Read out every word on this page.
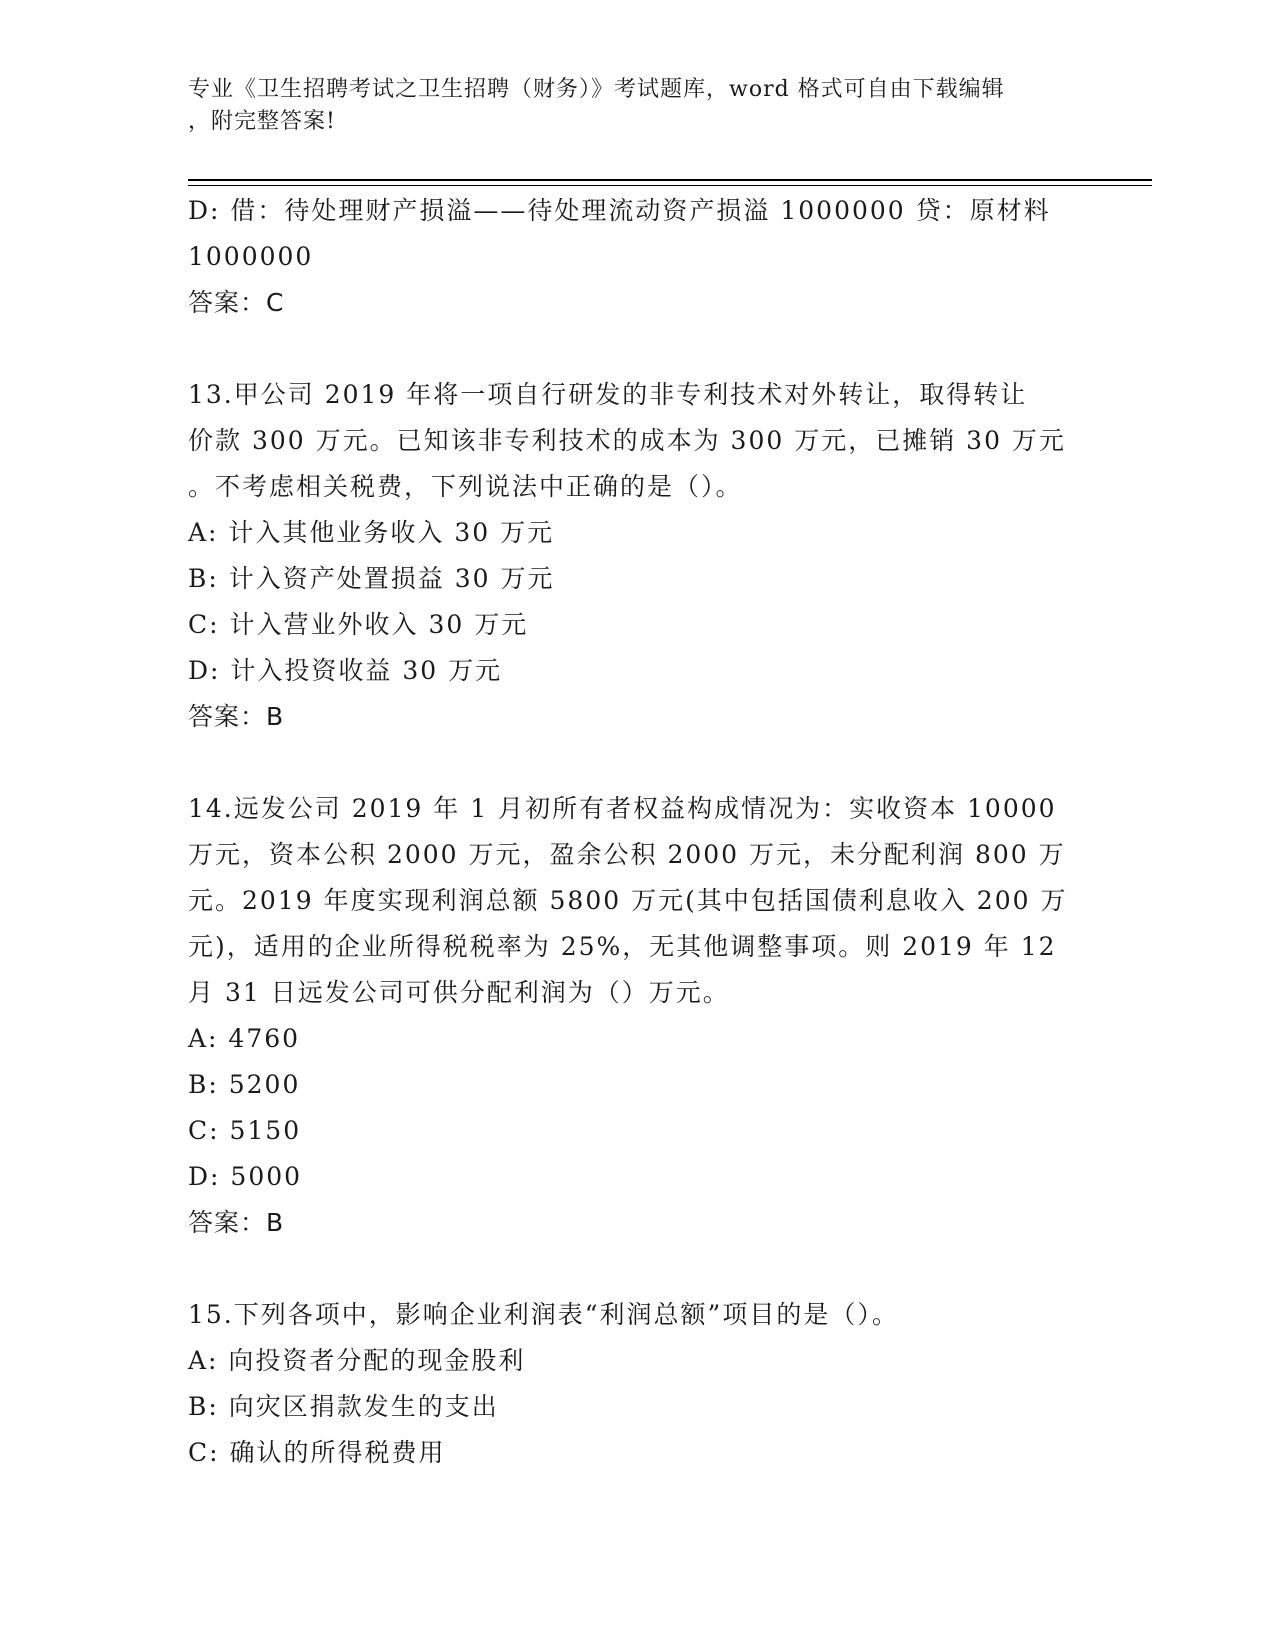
专业《卫生招聘考试之卫生招聘（财务）》考试题库，word 格式可自由下载编辑
，附完整答案!
D: 借：待处理财产损溢——待处理流动资产损溢 1000000 贷：原材料
1000000
答案：C
13.甲公司 2019 年将一项自行研发的非专利技术对外转让，取得转让
价款 300 万元。已知该非专利技术的成本为 300 万元，已摊销 30 万元
。不考虑相关税费，下列说法中正确的是（）。
A: 计入其他业务收入 30 万元
B: 计入资产处置损益 30 万元
C: 计入营业外收入 30 万元
D: 计入投资收益 30 万元
答案：B
14.远发公司 2019 年 1 月初所有者权益构成情况为：实收资本 10000
万元，资本公积 2000 万元，盈余公积 2000 万元，未分配利润 800 万
元。2019 年度实现利润总额 5800 万元(其中包括国债利息收入 200 万
元)，适用的企业所得税税率为 25%，无其他调整事项。则 2019 年 12
月 31 日远发公司可供分配利润为（）万元。
A: 4760
B: 5200
C: 5150
D: 5000
答案：B
15.下列各项中，影响企业利润表“利润总额”项目的是（）。
A: 向投资者分配的现金股利
B: 向灾区捐款发生的支出
C: 确认的所得税费用
